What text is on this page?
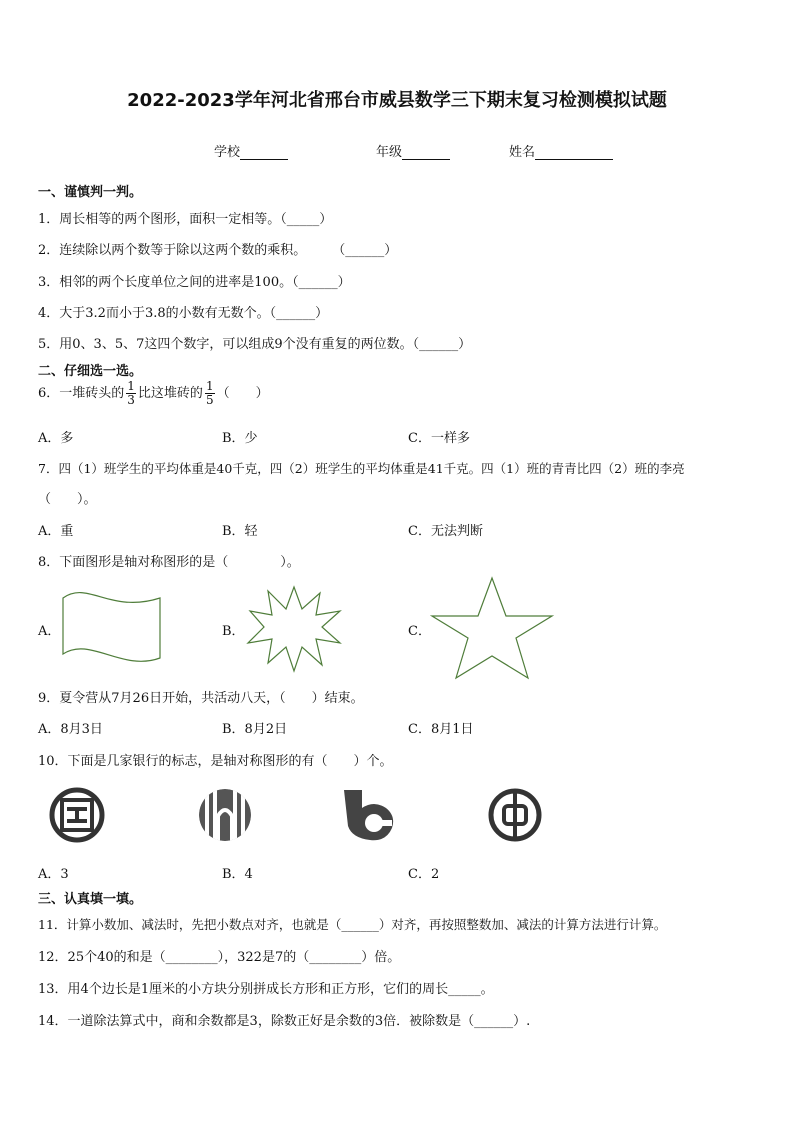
2022-2023学年河北省邢台市威县数学三下期末复习检测模拟试题
学校	年级	姓名
一、谨慎判一判。
1．周长相等的两个图形，面积一定相等。（_____）
2．连续除以两个数等于除以这两个数的乘积。　　　（______）
3．相邻的两个长度单位之间的进率是100。（______）
4．大于3.2而小于3.8的小数有无数个。（______）
5．用0、3、5、7这四个数字，可以组成9个没有重复的两位数。（______）
二、仔细选一选。
6．一堆砖头的 $\frac{1}{3}$ 比这堆砖的 $\frac{1}{5}$ （　　）
A．多	B．少	C．一样多
7．四（1）班学生的平均体重是40千克，四（2）班学生的平均体重是41千克。四（1）班的青青比四（2）班的李亮
（　　）。
A．重	B．轻	C．无法判断
8．下面图形是轴对称图形的是（　　　　）。
A．	B．	C．
9．夏令营从7月26日开始，共活动八天，（　　）结束。
A．8月3日	B．8月2日	C．8月1日
10．下面是几家银行的标志，是轴对称图形的有（　　）个。
A．3	B．4	C．2
三、认真填一填。
11．计算小数加、减法时，先把小数点对齐，也就是（______）对齐，再按照整数加、减法的计算方法进行计算。
12．25个40的和是（________），322是7的（________）倍。
13．用4个边长是1厘米的小方块分别拼成长方形和正方形，它们的周长_____。
14．一道除法算式中，商和余数都是3，除数正好是余数的3倍．被除数是（______）.
